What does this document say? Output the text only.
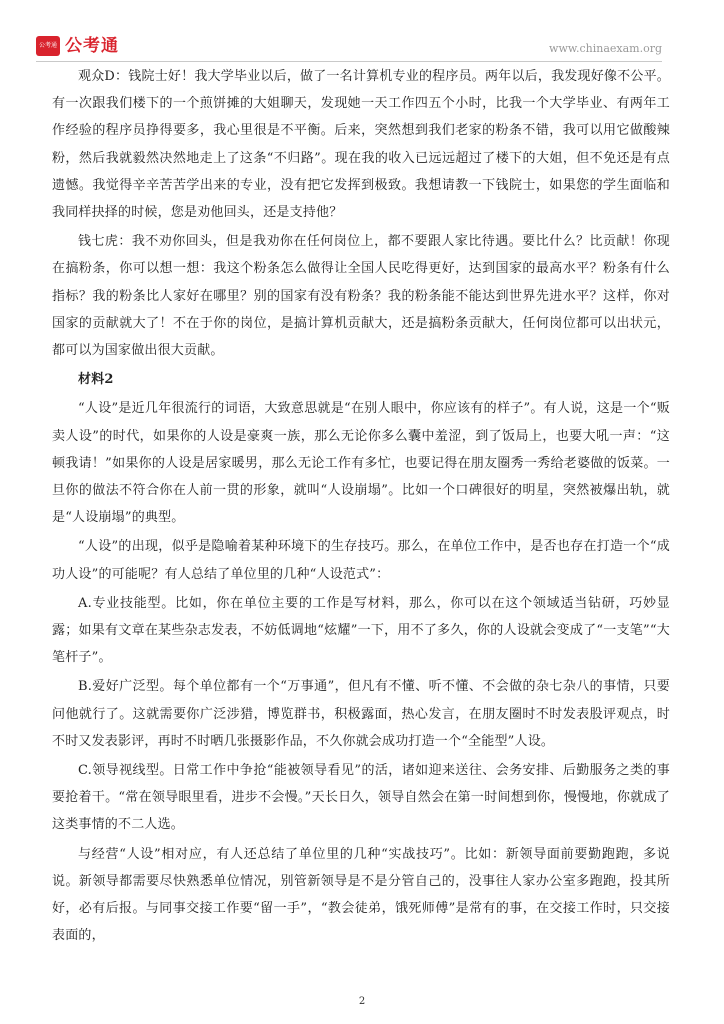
公考通 公考通	www.chinaexam.org

观众D：钱院士好！我大学毕业以后，做了一名计算机专业的程序员。两年以后，我发现好像不公平。有一次跟我们楼下的一个煎饼摊的大姐聊天，发现她一天工作四五个小时，比我一个大学毕业、有两年工作经验的程序员挣得要多，我心里很是不平衡。后来，突然想到我们老家的粉条不错，我可以用它做酸辣粉，然后我就毅然决然地走上了这条“不归路”。现在我的收入已远远超过了楼下的大姐，但不免还是有点遗憾。我觉得辛辛苦苦学出来的专业，没有把它发挥到极致。我想请教一下钱院士，如果您的学生面临和我同样抉择的时候，您是劝他回头，还是支持他？

钱七虎：我不劝你回头，但是我劝你在任何岗位上，都不要跟人家比待遇。要比什么？比贡献！你现在搞粉条，你可以想一想：我这个粉条怎么做得让全国人民吃得更好，达到国家的最高水平？粉条有什么指标？我的粉条比人家好在哪里？别的国家有没有粉条？我的粉条能不能达到世界先进水平？这样，你对国家的贡献就大了！不在于你的岗位，是搞计算机贡献大，还是搞粉条贡献大，任何岗位都可以出状元，都可以为国家做出很大贡献。

材料2

“人设”是近几年很流行的词语，大致意思就是“在别人眼中，你应该有的样子”。有人说，这是一个“贩卖人设”的时代，如果你的人设是豪爽一族，那么无论你多么囊中羞涩，到了饭局上，也要大吼一声：“这顿我请！”如果你的人设是居家暖男，那么无论工作有多忙，也要记得在朋友圈秀一秀给老婆做的饭菜。一旦你的做法不符合你在人前一贯的形象，就叫“人设崩塌”。比如一个口碑很好的明星，突然被爆出轨，就是“人设崩塌”的典型。

“人设”的出现，似乎是隐喻着某种环境下的生存技巧。那么，在单位工作中，是否也存在打造一个“成功人设”的可能呢？有人总结了单位里的几种“人设范式”：

A.专业技能型。比如，你在单位主要的工作是写材料，那么，你可以在这个领域适当钻研，巧妙显露；如果有文章在某些杂志发表，不妨低调地“炫耀”一下，用不了多久，你的人设就会变成了“一支笔”“大笔杆子”。

B.爱好广泛型。每个单位都有一个“万事通”，但凡有不懂、听不懂、不会做的杂七杂八的事情，只要问他就行了。这就需要你广泛涉猎，博览群书，积极露面，热心发言，在朋友圈时不时发表股评观点，时不时又发表影评，再时不时晒几张摄影作品，不久你就会成功打造一个“全能型”人设。

C.领导视线型。日常工作中争抢“能被领导看见”的活，诸如迎来送往、会务安排、后勤服务之类的事要抢着干。“常在领导眼里看，进步不会慢。”天长日久，领导自然会在第一时间想到你，慢慢地，你就成了这类事情的不二人选。

与经营“人设”相对应，有人还总结了单位里的几种“实战技巧”。比如：新领导面前要勤跑跑，多说说。新领导都需要尽快熟悉单位情况，别管新领导是不是分管自己的，没事往人家办公室多跑跑，投其所好，必有后报。与同事交接工作要“留一手”，“教会徒弟，饿死师傅”是常有的事，在交接工作时，只交接表面的，

2
